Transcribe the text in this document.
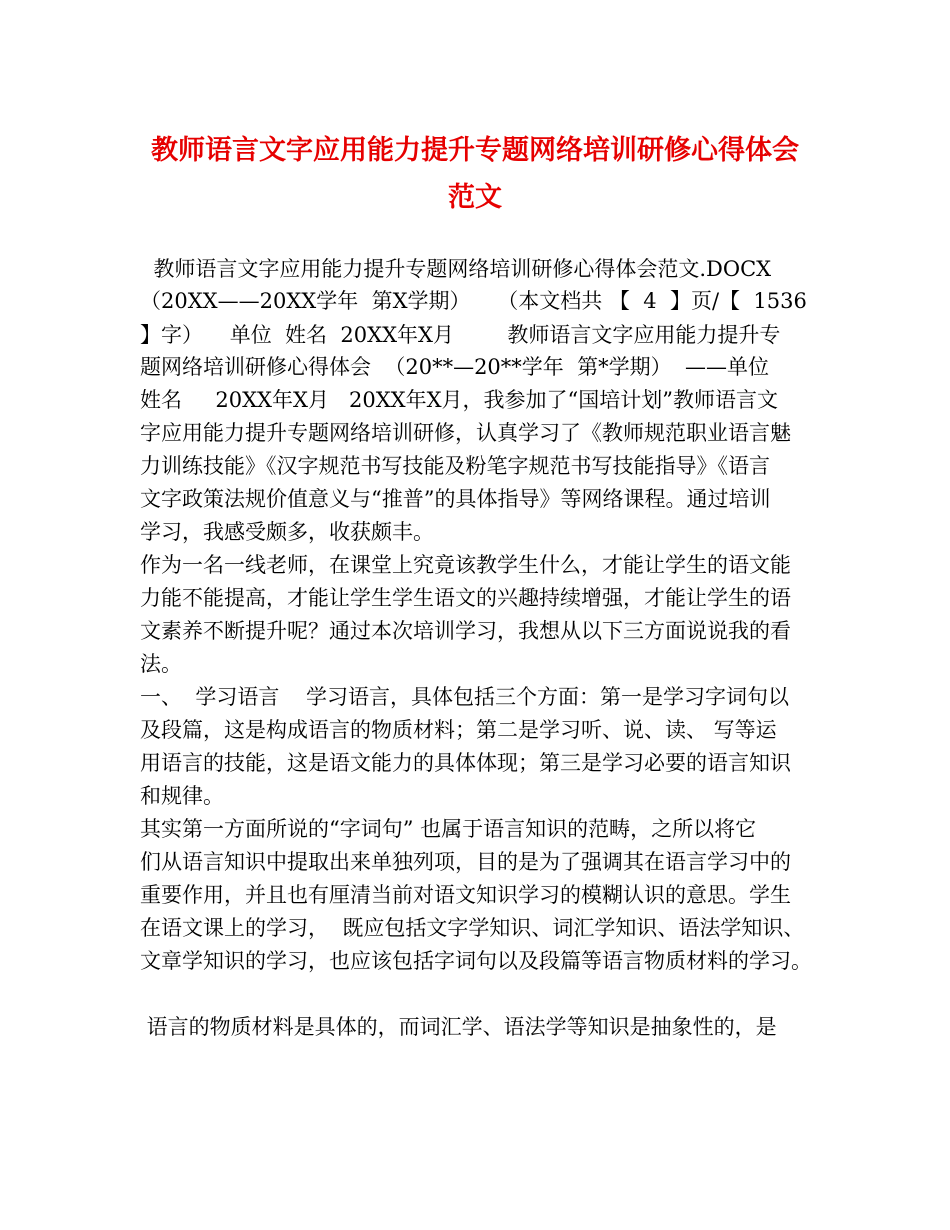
教师语言文字应用能力提升专题网络培训研修心得体会
范文
教师语言文字应用能力提升专题网络培训研修心得体会范文.DOCX
（20XX——20XX学年  第X学期）    （本文档共 【  4  】页/【  1536
】字）    单位  姓名  20XX年X月        教师语言文字应用能力提升专
题网络培训研修心得体会  （20**—20**学年  第*学期）  ——单位
姓名     20XX年X月   20XX年X月，我参加了“国培计划”教师语言文
字应用能力提升专题网络培训研修，认真学习了《教师规范职业语言魅
力训练技能》《汉字规范书写技能及粉笔字规范书写技能指导》《语言
文字政策法规价值意义与“推普”的具体指导》等网络课程。通过培训
学习，我感受颇多，收获颇丰。
作为一名一线老师，在课堂上究竟该教学生什么，才能让学生的语文能
力能不能提高，才能让学生学生语文的兴趣持续增强，才能让学生的语
文素养不断提升呢？通过本次培训学习，我想从以下三方面说说我的看
法。
一、  学习语言    学习语言，具体包括三个方面：第一是学习字词句以
及段篇，这是构成语言的物质材料；第二是学习听、说、读、 写等运
用语言的技能，这是语文能力的具体体现；第三是学习必要的语言知识
和规律。
其实第一方面所说的“字词句” 也属于语言知识的范畴，之所以将它
们从语言知识中提取出来单独列项，目的是为了强调其在语言学习中的
重要作用，并且也有厘清当前对语文知识学习的模糊认识的意思。学生
在语文课上的学习，  既应包括文字学知识、词汇学知识、语法学知识、
文章学知识的学习，也应该包括字词句以及段篇等语言物质材料的学习。
语言的物质材料是具体的，而词汇学、语法学等知识是抽象性的，是
